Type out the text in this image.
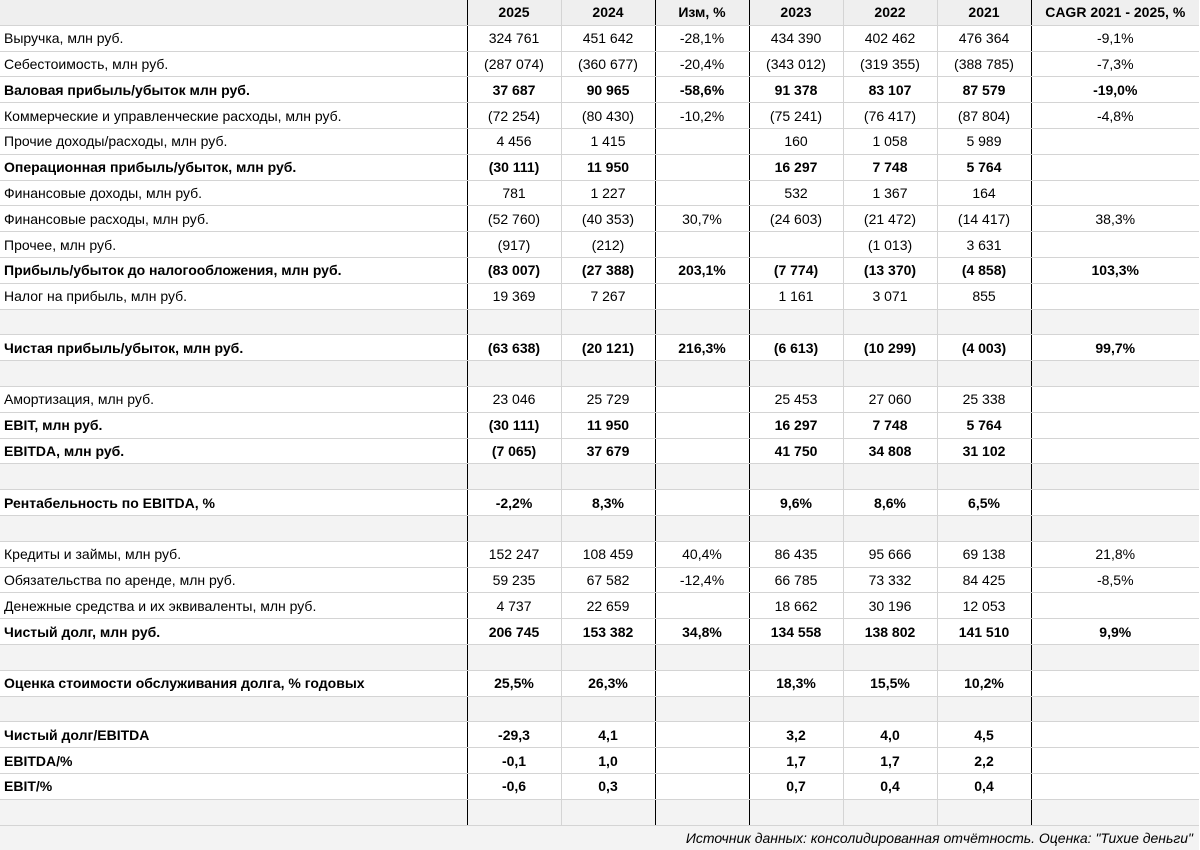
	2025	2024	Изм, %	2023	2022	2021	CAGR 2021 - 2025, %
Выручка, млн руб.	324 761	451 642	-28,1%	434 390	402 462	476 364	-9,1%
Себестоимость, млн руб.	(287 074)	(360 677)	-20,4%	(343 012)	(319 355)	(388 785)	-7,3%
Валовая прибыль/убыток млн руб.	37 687	90 965	-58,6%	91 378	83 107	87 579	-19,0%
Коммерческие и управленческие расходы, млн руб.	(72 254)	(80 430)	-10,2%	(75 241)	(76 417)	(87 804)	-4,8%
Прочие доходы/расходы, млн руб.	4 456	1 415		160	1 058	5 989	
Операционная прибыль/убыток, млн руб.	(30 111)	11 950		16 297	7 748	5 764	
Финансовые доходы, млн руб.	781	1 227		532	1 367	164	
Финансовые расходы, млн руб.	(52 760)	(40 353)	30,7%	(24 603)	(21 472)	(14 417)	38,3%
Прочее, млн руб.	(917)	(212)			(1 013)	3 631	
Прибыль/убыток до налогообложения, млн руб.	(83 007)	(27 388)	203,1%	(7 774)	(13 370)	(4 858)	103,3%
Налог на прибыль, млн руб.	19 369	7 267		1 161	3 071	855	

Чистая прибыль/убыток, млн руб.	(63 638)	(20 121)	216,3%	(6 613)	(10 299)	(4 003)	99,7%

Амортизация, млн руб.	23 046	25 729		25 453	27 060	25 338	
EBIT, млн руб.	(30 111)	11 950		16 297	7 748	5 764	
EBITDA, млн руб.	(7 065)	37 679		41 750	34 808	31 102	

Рентабельность по EBITDA, %	-2,2%	8,3%		9,6%	8,6%	6,5%	

Кредиты и займы, млн руб.	152 247	108 459	40,4%	86 435	95 666	69 138	21,8%
Обязательства по аренде, млн руб.	59 235	67 582	-12,4%	66 785	73 332	84 425	-8,5%
Денежные средства и их эквиваленты, млн руб.	4 737	22 659		18 662	30 196	12 053	
Чистый долг, млн руб.	206 745	153 382	34,8%	134 558	138 802	141 510	9,9%

Оценка стоимости обслуживания долга, % годовых	25,5%	26,3%		18,3%	15,5%	10,2%	

Чистый долг/EBITDA	-29,3	4,1		3,2	4,0	4,5	
EBITDA/%	-0,1	1,0		1,7	1,7	2,2	
EBIT/%	-0,6	0,3		0,7	0,4	0,4	

Источник данных: консолидированная отчётность. Оценка: "Тихие деньги"							
